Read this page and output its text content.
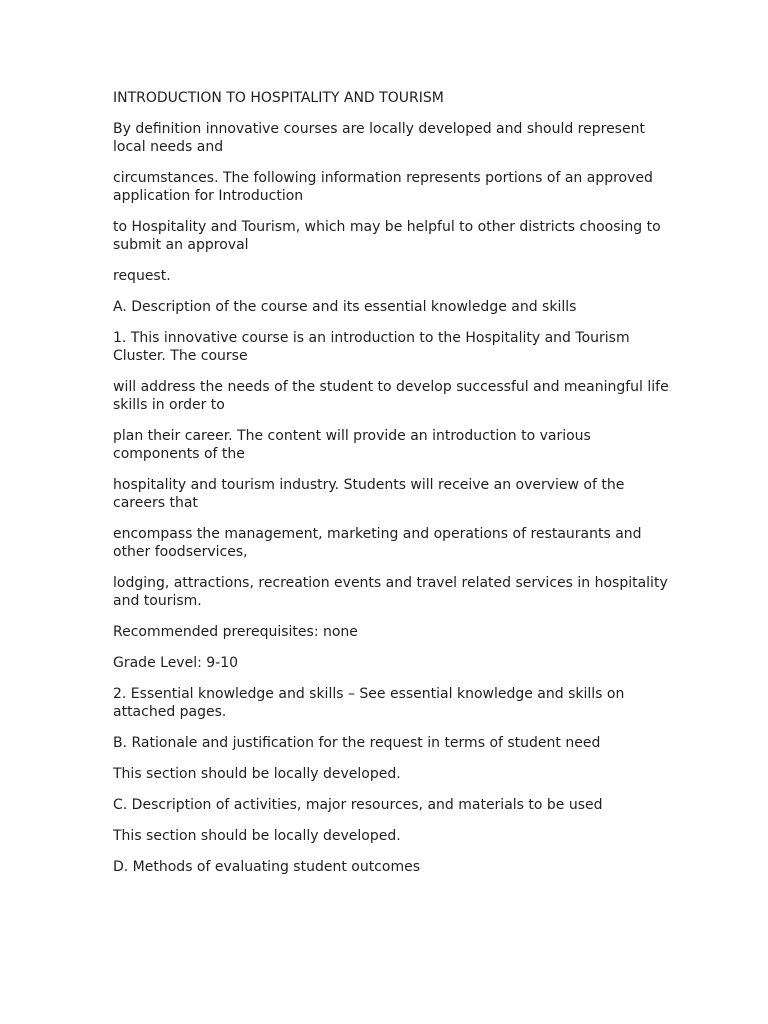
INTRODUCTION TO HOSPITALITY AND TOURISM

By definition innovative courses are locally developed and should represent local needs and

circumstances. The following information represents portions of an approved application for Introduction

to Hospitality and Tourism, which may be helpful to other districts choosing to submit an approval

request.

A. Description of the course and its essential knowledge and skills

1. This innovative course is an introduction to the Hospitality and Tourism Cluster. The course

will address the needs of the student to develop successful and meaningful life skills in order to

plan their career. The content will provide an introduction to various components of the

hospitality and tourism industry. Students will receive an overview of the careers that

encompass the management, marketing and operations of restaurants and other foodservices,

lodging, attractions, recreation events and travel related services in hospitality and tourism.

Recommended prerequisites: none

Grade Level: 9-10

2. Essential knowledge and skills – See essential knowledge and skills on attached pages.

B. Rationale and justification for the request in terms of student need

This section should be locally developed.

C. Description of activities, major resources, and materials to be used

This section should be locally developed.

D. Methods of evaluating student outcomes
